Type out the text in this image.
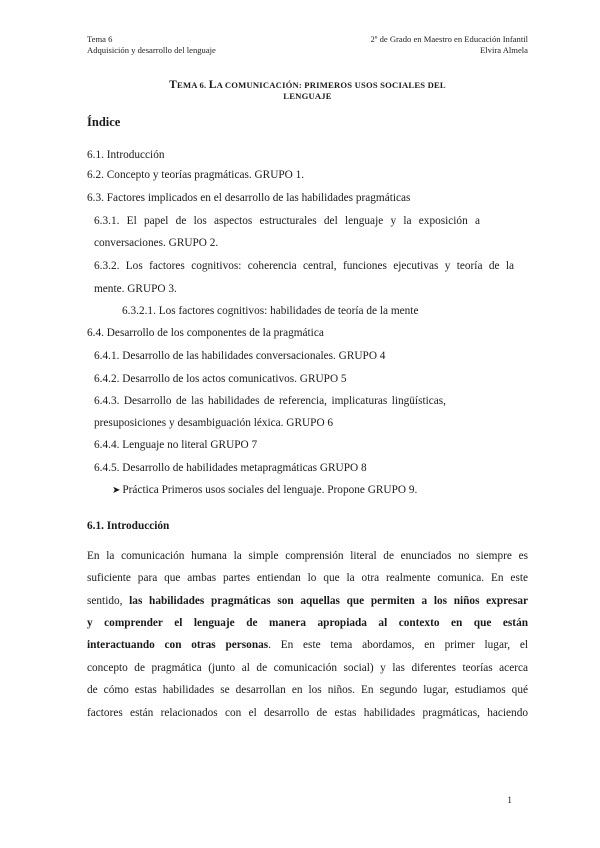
Tema 6
Adquisición y desarrollo del lenguaje
2º de Grado en Maestro en Educación Infantil
Elvira Almela
TEMA 6. LA COMUNICACIÓN: PRIMEROS USOS SOCIALES DEL
LENGUAJE
Índice
6.1. Introducción
6.2. Concepto y teorías pragmáticas. GRUPO 1.
6.3. Factores implicados en el desarrollo de las habilidades pragmáticas
6.3.1. El papel de los aspectos estructurales del lenguaje y la exposición a
conversaciones. GRUPO 2.
6.3.2. Los factores cognitivos: coherencia central, funciones ejecutivas y teoría de la
mente. GRUPO 3.
6.3.2.1. Los factores cognitivos: habilidades de teoría de la mente
6.4. Desarrollo de los componentes de la pragmática
6.4.1. Desarrollo de las habilidades conversacionales. GRUPO 4
6.4.2. Desarrollo de los actos comunicativos. GRUPO 5
6.4.3. Desarrollo de las habilidades de referencia, implicaturas lingüísticas,
presuposiciones y desambiguación léxica. GRUPO 6
6.4.4. Lenguaje no literal GRUPO 7
6.4.5. Desarrollo de habilidades metapragmáticas GRUPO 8
➤ Práctica Primeros usos sociales del lenguaje. Propone GRUPO 9.
6.1. Introducción
En la comunicación humana la simple comprensión literal de enunciados no siempre es
suficiente para que ambas partes entiendan lo que la otra realmente comunica. En este
sentido, las habilidades pragmáticas son aquellas que permiten a los niños expresar
y comprender el lenguaje de manera apropiada al contexto en que están
interactuando con otras personas. En este tema abordamos, en primer lugar, el
concepto de pragmática (junto al de comunicación social) y las diferentes teorías acerca
de cómo estas habilidades se desarrollan en los niños. En segundo lugar, estudiamos qué
factores están relacionados con el desarrollo de estas habilidades pragmáticas, haciendo
1
